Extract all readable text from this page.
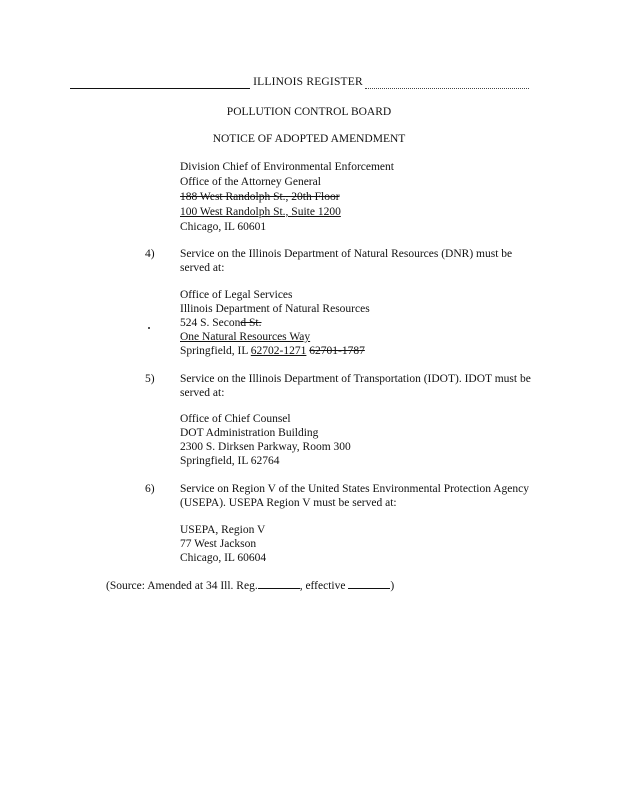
ILLINOIS REGISTER
POLLUTION CONTROL BOARD
NOTICE OF ADOPTED AMENDMENT
Division Chief of Environmental Enforcement
Office of the Attorney General
188 West Randolph St., 20th Floor
100 West Randolph St., Suite 1200
Chicago, IL 60601
4) Service on the Illinois Department of Natural Resources (DNR) must be served at:
Office of Legal Services
Illinois Department of Natural Resources
524 S. Second St.
One Natural Resources Way
Springfield, IL 62702-1271 62701-1787
5) Service on the Illinois Department of Transportation (IDOT). IDOT must be served at:
Office of Chief Counsel
DOT Administration Building
2300 S. Dirksen Parkway, Room 300
Springfield, IL 62764
6) Service on Region V of the United States Environmental Protection Agency (USEPA). USEPA Region V must be served at:
USEPA, Region V
77 West Jackson
Chicago, IL 60604
(Source: Amended at 34 Ill. Reg.	, effective	)
